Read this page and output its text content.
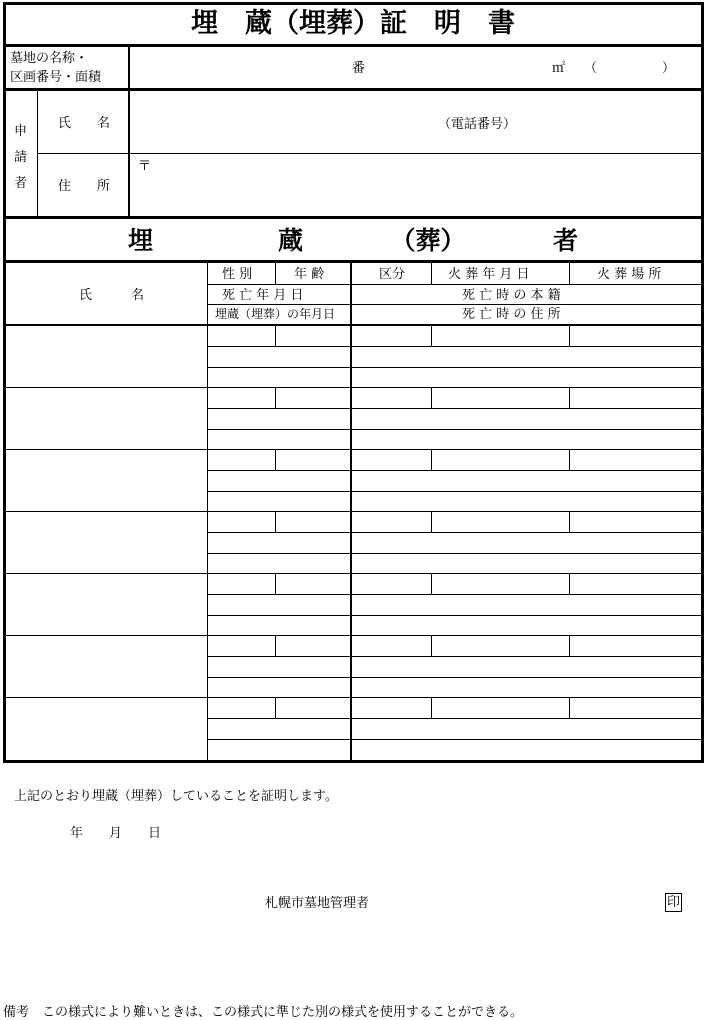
埋　蔵（埋葬）証　明　書
墓地の名称・
区画番号・面積
番	㎡ （	）
申
請
者
氏　　名	（電話番号）
住　　所
〒
埋　　　　　蔵　　　　（葬）　　　　者
氏　　　名
性 別	年 齢	区分	火 葬 年 月 日	火 葬 場 所
死 亡 年 月 日	死 亡 時 の 本 籍
埋蔵（埋葬）の年月日	死 亡 時 の 住 所
上記のとおり埋蔵（埋葬）していることを証明します。
年　　月　　日
札幌市墓地管理者	印
備考　この様式により難いときは、この様式に準じた別の様式を使用することができる。
